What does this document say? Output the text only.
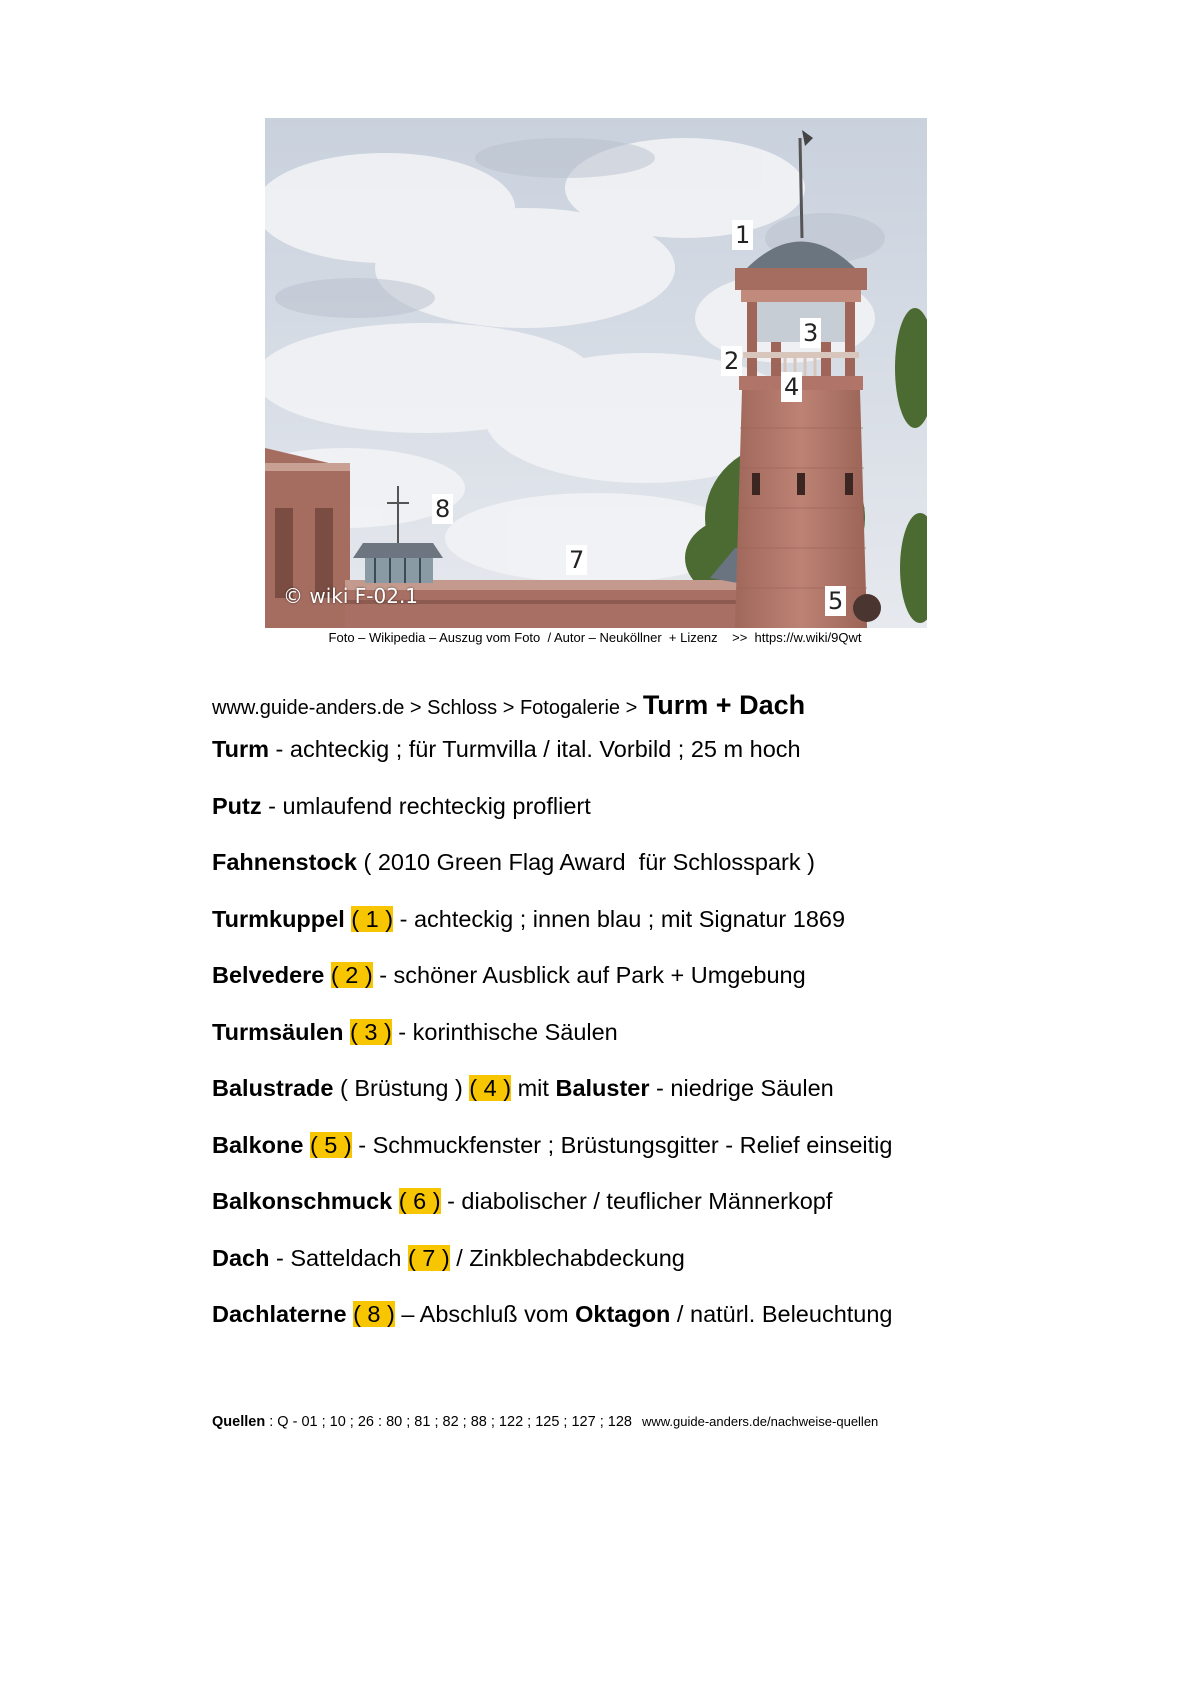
1
2
3
4
5
7
8
© wiki F-02.1
Foto – Wikipedia – Auszug vom Foto  / Autor – Neuköllner  + Lizenz    >>  https://w.wiki/9Qwt
www.guide-anders.de > Schloss > Fotogalerie > Turm + Dach
Turm - achteckig ; für Turmvilla / ital. Vorbild ; 25 m hoch
Putz - umlaufend rechteckig profliert
Fahnenstock ( 2010 Green Flag Award  für Schlosspark )
Turmkuppel ( 1 ) - achteckig ; innen blau ; mit Signatur 1869
Belvedere ( 2 ) - schöner Ausblick auf Park + Umgebung
Turmsäulen ( 3 ) - korinthische Säulen
Balustrade ( Brüstung ) ( 4 ) mit Baluster - niedrige Säulen
Balkone ( 5 ) - Schmuckfenster ; Brüstungsgitter - Relief einseitig
Balkonschmuck ( 6 ) - diabolischer / teuflicher Männerkopf
Dach - Satteldach ( 7 ) / Zinkblechabdeckung
Dachlaterne ( 8 ) – Abschluß vom Oktagon / natürl. Beleuchtung
Quellen : Q - 01 ; 10 ; 26 : 80 ; 81 ; 82 ; 88 ; 122 ; 125 ; 127 ; 128 www.guide-anders.de/nachweise-quellen
